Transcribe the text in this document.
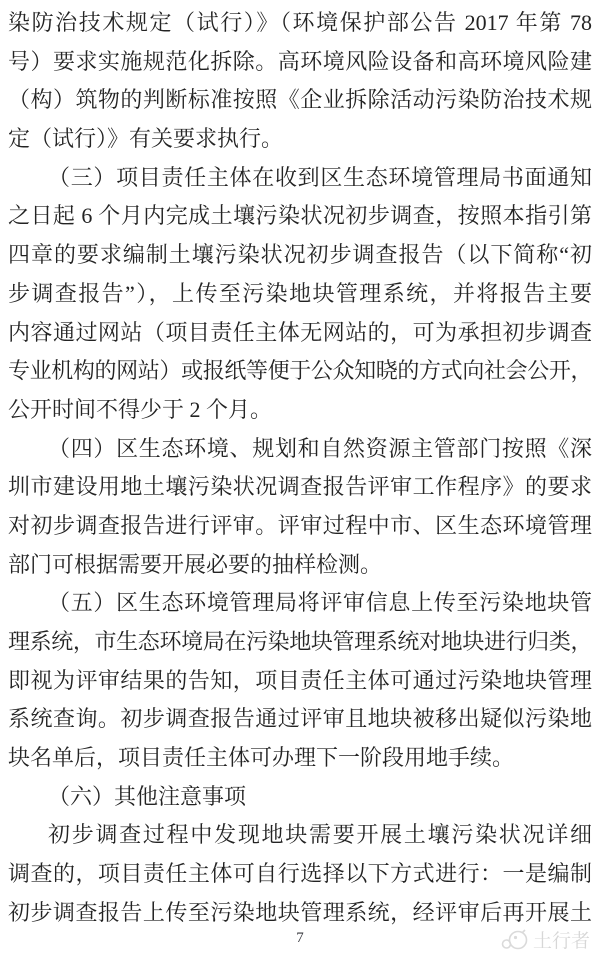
染防治技术规定（试行）》（环境保护部公告 2017 年第 78
号）要求实施规范化拆除。高环境风险设备和高环境风险建
（构）筑物的判断标准按照《企业拆除活动污染防治技术规
定（试行）》有关要求执行。
（三）项目责任主体在收到区生态环境管理局书面通知
之日起 6 个月内完成土壤污染状况初步调查，按照本指引第
四章的要求编制土壤污染状况初步调查报告（以下简称“初
步调查报告”），上传至污染地块管理系统，并将报告主要
内容通过网站（项目责任主体无网站的，可为承担初步调查
专业机构的网站）或报纸等便于公众知晓的方式向社会公开，
公开时间不得少于 2 个月。
（四）区生态环境、规划和自然资源主管部门按照《深
圳市建设用地土壤污染状况调查报告评审工作程序》的要求
对初步调查报告进行评审。评审过程中市、区生态环境管理
部门可根据需要开展必要的抽样检测。
（五）区生态环境管理局将评审信息上传至污染地块管
理系统，市生态环境局在污染地块管理系统对地块进行归类，
即视为评审结果的告知，项目责任主体可通过污染地块管理
系统查询。初步调查报告通过评审且地块被移出疑似污染地
块名单后，项目责任主体可办理下一阶段用地手续。
（六）其他注意事项
初步调查过程中发现地块需要开展土壤污染状况详细
调查的，项目责任主体可自行选择以下方式进行：一是编制
初步调查报告上传至污染地块管理系统，经评审后再开展土
7	土行者
